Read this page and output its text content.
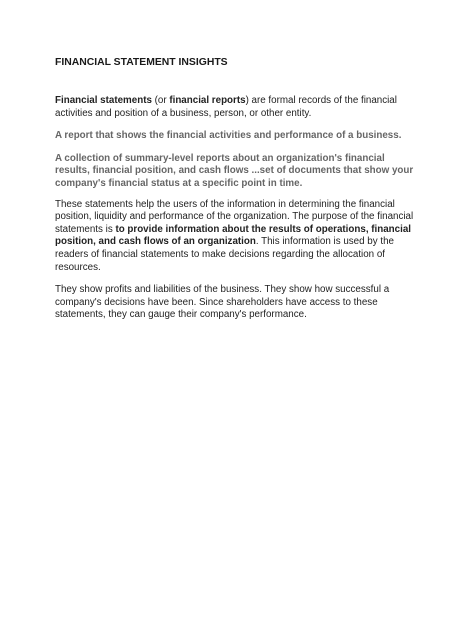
FINANCIAL STATEMENT INSIGHTS

Financial statements (or financial reports) are formal records of the financial activities and position of a business, person, or other entity.

A report that shows the financial activities and performance of a business.

A collection of summary-level reports about an organization's financial results, financial position, and cash flows ...set of documents that show your company's financial status at a specific point in time.

These statements help the users of the information in determining the financial position, liquidity and performance of the organization. The purpose of the financial statements is to provide information about the results of operations, financial position, and cash flows of an organization. This information is used by the readers of financial statements to make decisions regarding the allocation of resources.

They show profits and liabilities of the business. They show how successful a company's decisions have been. Since shareholders have access to these statements, they can gauge their company's performance.
